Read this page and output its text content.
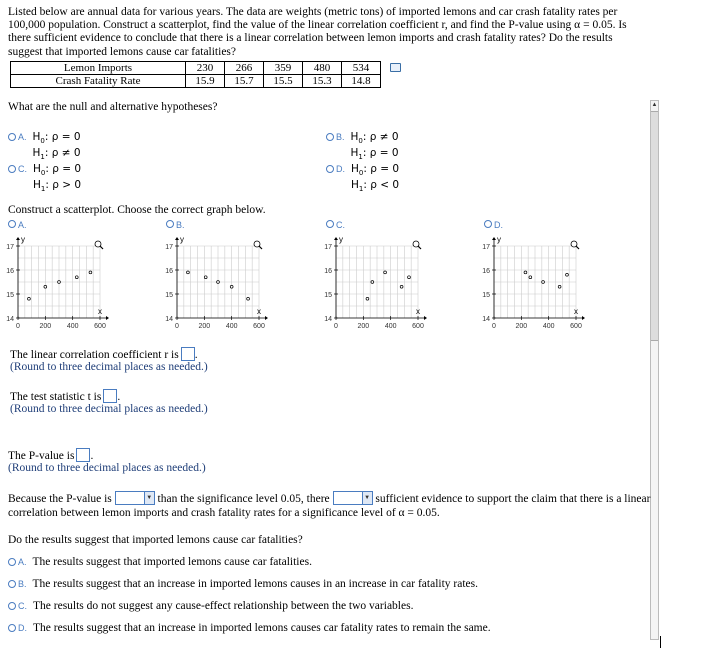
Listed below are annual data for various years. The data are weights (metric tons) of imported lemons and car crash fatality rates per 100,000 population. Construct a scatterplot, find the value of the linear correlation coefficient r, and find the P-value using α = 0.05. Is there sufficient evidence to conclude that there is a linear correlation between lemon imports and crash fatality rates? Do the results suggest that imported lemons cause car fatalities?
Lemon Imports	230	266	359	480	534
Crash Fatality Rate	15.9	15.7	15.5	15.3	14.8
▲
What are the null and alternative hypotheses?
A. $H_0$: ρ = 0
$H_1$: ρ ≠ 0
B. $H_0$: ρ ≠ 0
$H_1$: ρ = 0
C. $H_0$: ρ = 0
$H_1$: ρ > 0
D. $H_0$: ρ = 0
$H_1$: ρ < 0
Construct a scatterplot. Choose the correct graph below.
A.	B.	C.	D.
17
16
15
14
0	200 400 600
y
x
17
16
15
14
0	200 400 600
y
x
17
16
15
14
0	200 400 600
y
x
17
16
15
14
0	200 400 600
y
x
The linear correlation coefficient r is .
(Round to three decimal places as needed.)
The test statistic t is .
(Round to three decimal places as needed.)
The P-value is .
(Round to three decimal places as needed.)
Because the P-value is	▼ than the significance level 0.05, there	▼ sufficient evidence to support the claim that there is a linear
correlation between lemon imports and crash fatality rates for a significance level of α = 0.05.
Do the results suggest that imported lemons cause car fatalities?
A. The results suggest that imported lemons cause car fatalities.
B. The results suggest that an increase in imported lemons causes in an increase in car fatality rates.
C. The results do not suggest any cause-effect relationship between the two variables.
D. The results suggest that an increase in imported lemons causes car fatality rates to remain the same.
